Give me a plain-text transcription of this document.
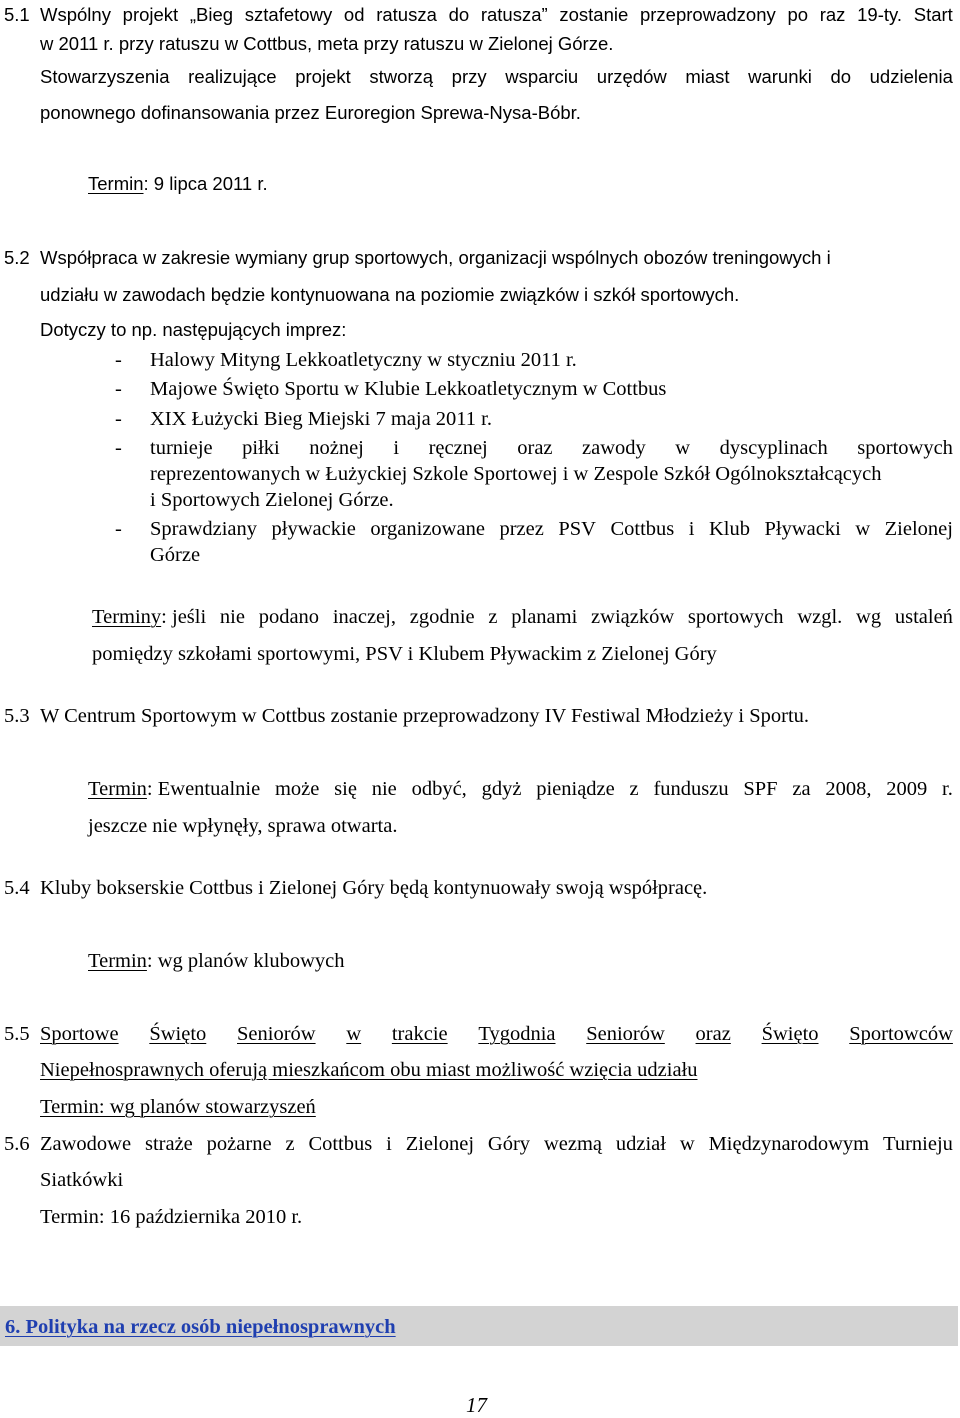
5.1 Wspólny projekt „Bieg sztafetowy od ratusza do ratusza” zostanie przeprowadzony po raz 19-ty. Start
w 2011 r. przy ratuszu w Cottbus, meta przy ratuszu w Zielonej Górze.
Stowarzyszenia realizujące projekt stworzą przy wsparciu urzędów miast warunki do udzielenia
ponownego dofinansowania przez Euroregion Sprewa-Nysa-Bóbr.
Termin: 9 lipca 2011 r.
5.2 Współpraca w zakresie wymiany grup sportowych, organizacji wspólnych obozów treningowych i
udziału w zawodach będzie kontynuowana na poziomie związków i szkół sportowych.
Dotyczy to np. następujących imprez:
- Halowy Mityng Lekkoatletyczny w styczniu 2011 r.
- Majowe Święto Sportu w Klubie Lekkoatletycznym w Cottbus
- XIX Łużycki Bieg Miejski 7 maja 2011 r.
- turnieje piłki nożnej i ręcznej oraz zawody w dyscyplinach sportowych
reprezentowanych w Łużyckiej Szkole Sportowej i w Zespole Szkół Ogólnokształcących
i Sportowych Zielonej Górze.
- Sprawdziany pływackie organizowane przez PSV Cottbus i Klub Pływacki w Zielonej
Górze
Terminy : jeśli nie podano inaczej, zgodnie z planami związków sportowych wzgl. wg ustaleń
pomiędzy szkołami sportowymi, PSV i Klubem Pływackim z Zielonej Góry
5.3 W Centrum Sportowym w Cottbus zostanie przeprowadzony IV Festiwal Młodzieży i Sportu.
Termin : Ewentualnie może się nie odbyć, gdyż pieniądze z funduszu SPF za 2008, 2009 r.
jeszcze nie wpłynęły, sprawa otwarta.
5.4 Kluby bokserskie Cottbus i Zielonej Góry będą kontynuowały swoją współpracę.
Termin: wg planów klubowych
5.5 Sportowe Święto Seniorów w trakcie Tygodnia Seniorów oraz Święto Sportowców
Niepełnosprawnych oferują mieszkańcom obu miast możliwość wzięcia udziału
Termin: wg planów stowarzyszeń
5.6 Zawodowe straże pożarne z Cottbus i Zielonej Góry wezmą udział w Międzynarodowym Turnieju
Siatkówki
Termin: 16 października 2010 r.
6. Polityka na rzecz osób niepełnosprawnych
17
